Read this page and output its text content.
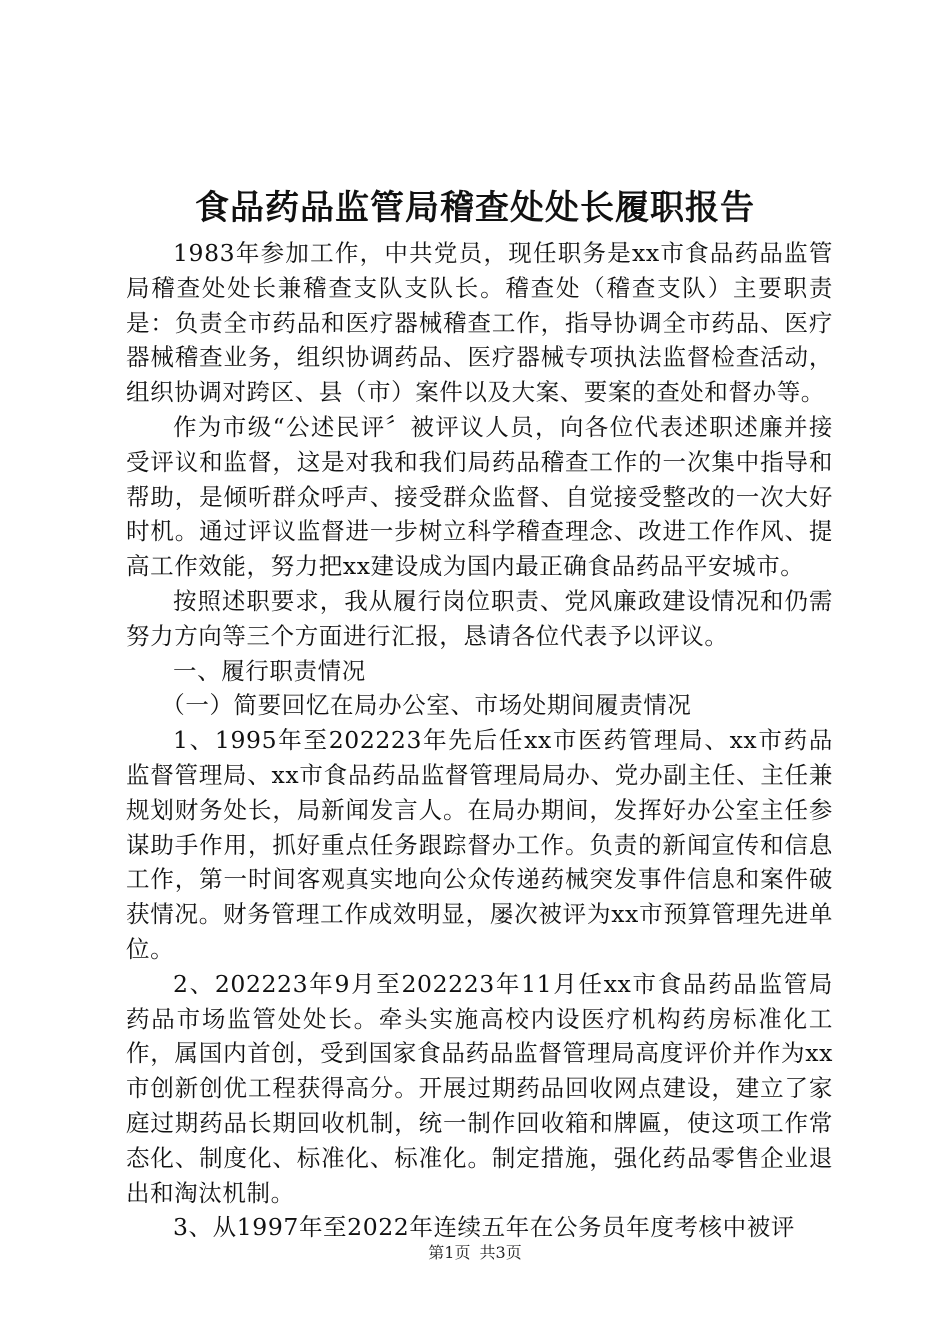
食品药品监管局稽查处处长履职报告

1983年参加工作，中共党员，现任职务是xx市食品药品监管局稽查处处长兼稽查支队支队长。稽查处（稽查支队）主要职责是：负责全市药品和医疗器械稽查工作，指导协调全市药品、医疗器械稽查业务，组织协调药品、医疗器械专项执法监督检查活动，组织协调对跨区、县（市）案件以及大案、要案的查处和督办等。

作为市级“公述民评〞被评议人员，向各位代表述职述廉并接受评议和监督，这是对我和我们局药品稽查工作的一次集中指导和帮助，是倾听群众呼声、接受群众监督、自觉接受整改的一次大好时机。通过评议监督进一步树立科学稽查理念、改进工作作风、提高工作效能，努力把xx建设成为国内最正确食品药品平安城市。

按照述职要求，我从履行岗位职责、党风廉政建设情况和仍需努力方向等三个方面进行汇报，恳请各位代表予以评议。

一、履行职责情况

（一）简要回忆在局办公室、市场处期间履责情况

1、1995年至202223年先后任xx市医药管理局、xx市药品监督管理局、xx市食品药品监督管理局局办、党办副主任、主任兼规划财务处长，局新闻发言人。在局办期间，发挥好办公室主任参谋助手作用，抓好重点任务跟踪督办工作。负责的新闻宣传和信息工作，第一时间客观真实地向公众传递药械突发事件信息和案件破获情况。财务管理工作成效明显，屡次被评为xx市预算管理先进单位。

2、202223年9月至202223年11月任xx市食品药品监管局药品市场监管处处长。牵头实施高校内设医疗机构药房标准化工作，属国内首创，受到国家食品药品监督管理局高度评价并作为xx市创新创优工程获得高分。开展过期药品回收网点建设，建立了家庭过期药品长期回收机制，统一制作回收箱和牌匾，使这项工作常态化、制度化、标准化、标准化。制定措施，强化药品零售企业退出和淘汰机制。

3、从1997年至2022年连续五年在公务员年度考核中被评

第1页 共3页
